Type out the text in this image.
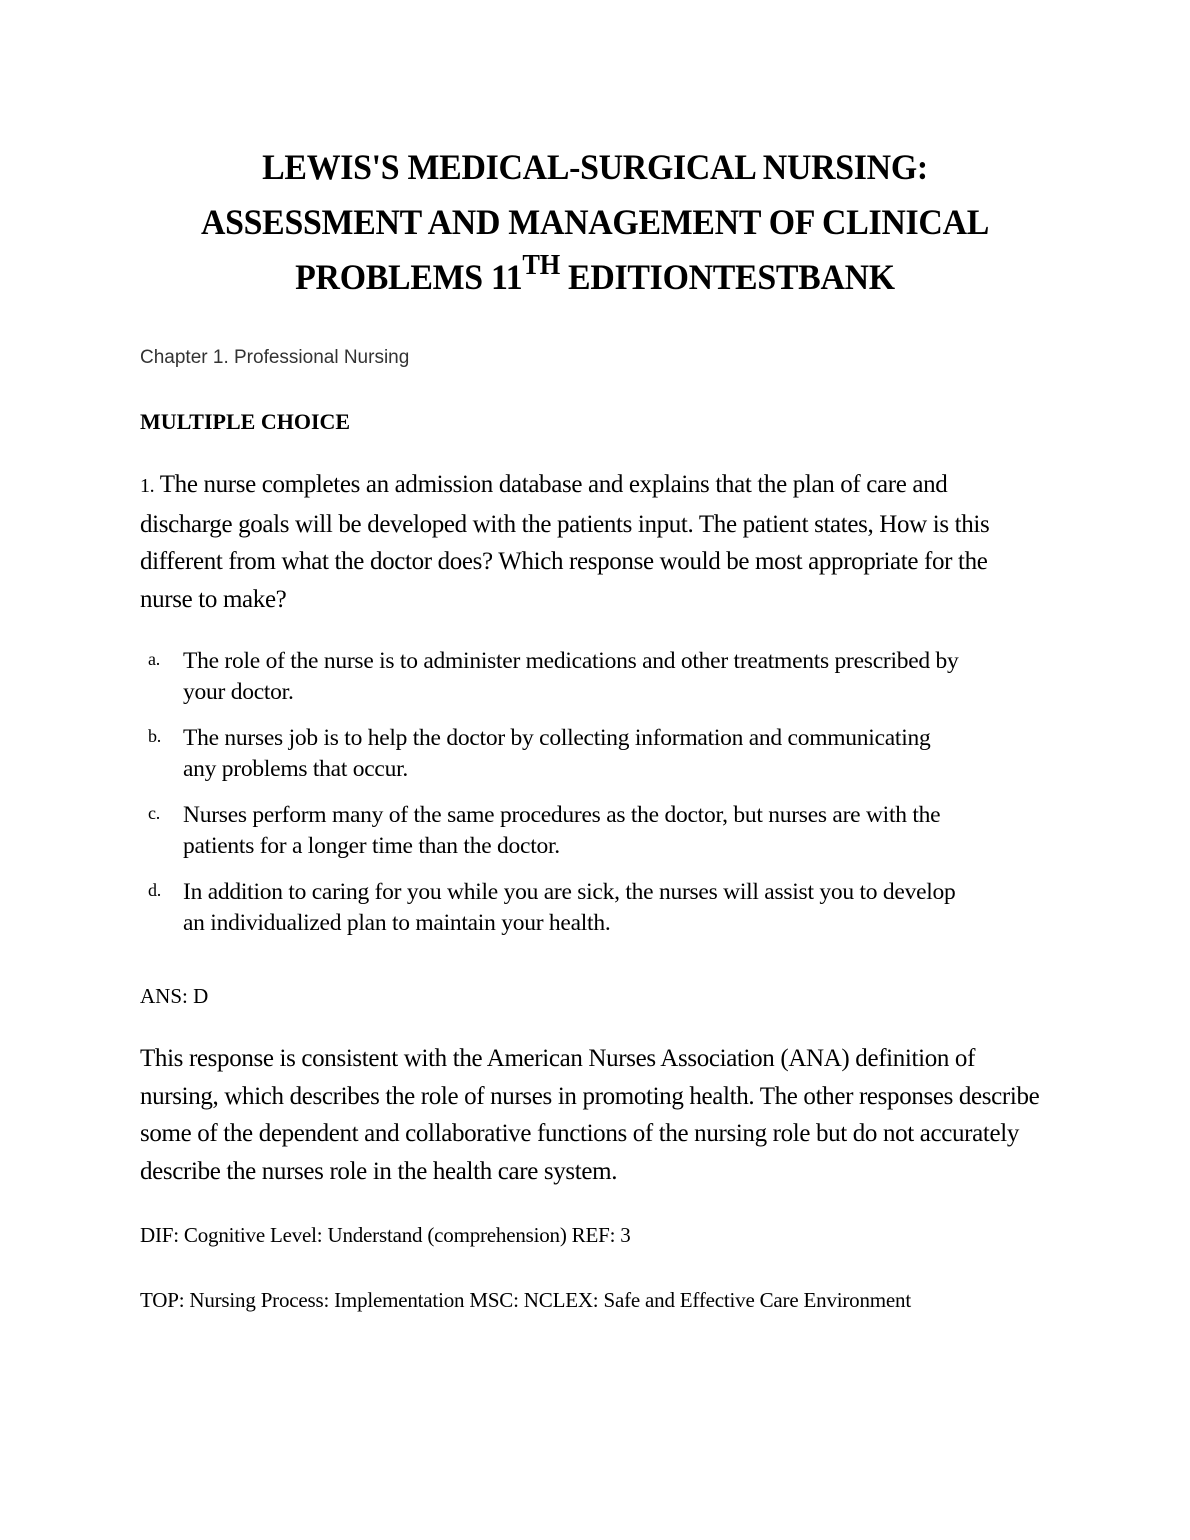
LEWIS'S MEDICAL-SURGICAL NURSING:
ASSESSMENT AND MANAGEMENT OF CLINICAL
PROBLEMS 11TH EDITIONTESTBANK

Chapter 1. Professional Nursing

MULTIPLE CHOICE

1. The nurse completes an admission database and explains that the plan of care and discharge goals will be developed with the patients input. The patient states, How is this different from what the doctor does? Which response would be most appropriate for the nurse to make?

a. The role of the nurse is to administer medications and other treatments prescribed by your doctor.
b. The nurses job is to help the doctor by collecting information and communicating any problems that occur.
c. Nurses perform many of the same procedures as the doctor, but nurses are with the patients for a longer time than the doctor.
d. In addition to caring for you while you are sick, the nurses will assist you to develop an individualized plan to maintain your health.

ANS: D

This response is consistent with the American Nurses Association (ANA) definition of nursing, which describes the role of nurses in promoting health. The other responses describe some of the dependent and collaborative functions of the nursing role but do not accurately describe the nurses role in the health care system.

DIF: Cognitive Level: Understand (comprehension) REF: 3

TOP: Nursing Process: Implementation MSC: NCLEX: Safe and Effective Care Environment
